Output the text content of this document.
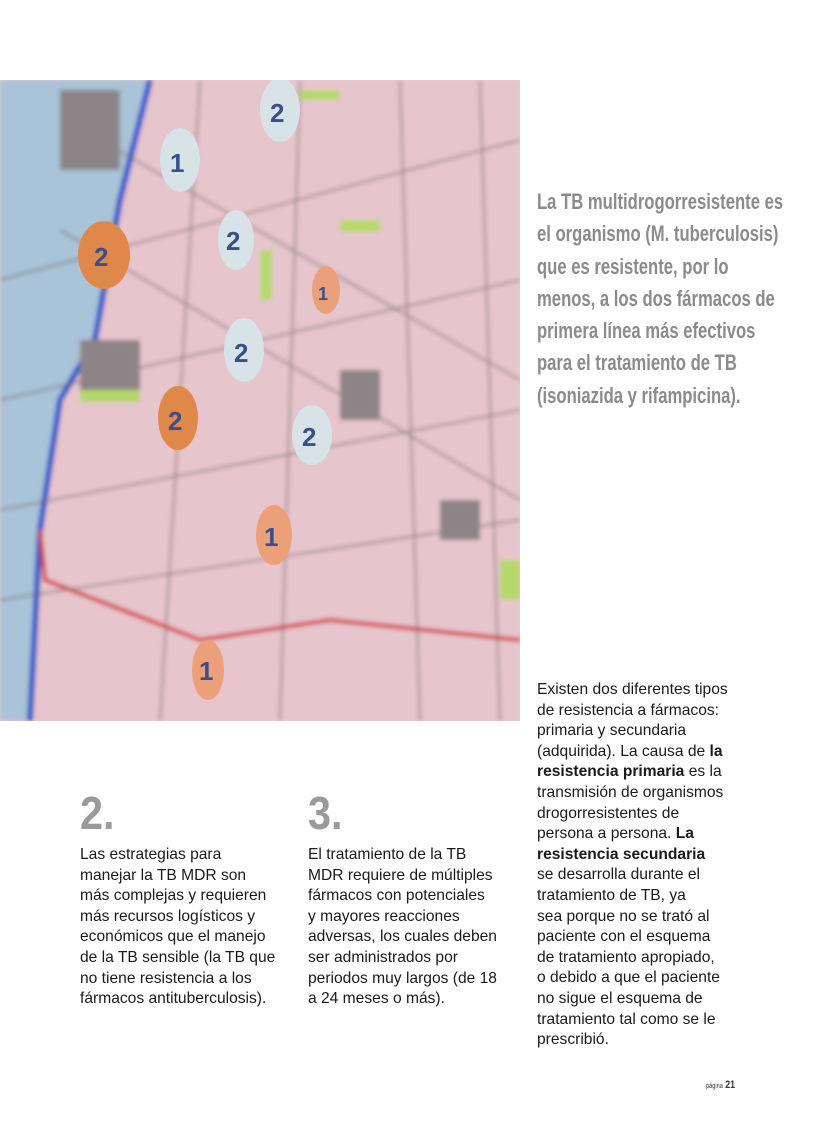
1
2
2
2
2
2
2
1
1
1
La TB multidrogorresistente es
el organismo (M. tuberculosis)
que es resistente, por lo
menos, a los dos fármacos de
primera línea más efectivos
para el tratamiento de TB
(isoniazida y rifampicina).
2.
Las estrategias para
manejar la TB MDR son
más complejas y requieren
más recursos logísticos y
económicos que el manejo
de la TB sensible (la TB que
no tiene resistencia a los
fármacos antituberculosis).
3.
El tratamiento de la TB
MDR requiere de múltiples
fármacos con potenciales
y mayores reacciones
adversas, los cuales deben
ser administrados por
periodos muy largos (de 18
a 24 meses o más).
Existen dos diferentes tipos
de resistencia a fármacos:
primaria y secundaria
(adquirida). La causa de la
resistencia primaria es la
transmisión de organismos
drogorresistentes de
persona a persona. La
resistencia secundaria
se desarrolla durante el
tratamiento de TB, ya
sea porque no se trató al
paciente con el esquema
de tratamiento apropiado,
o debido a que el paciente
no sigue el esquema de
tratamiento tal como se le
prescribió.
página 21
